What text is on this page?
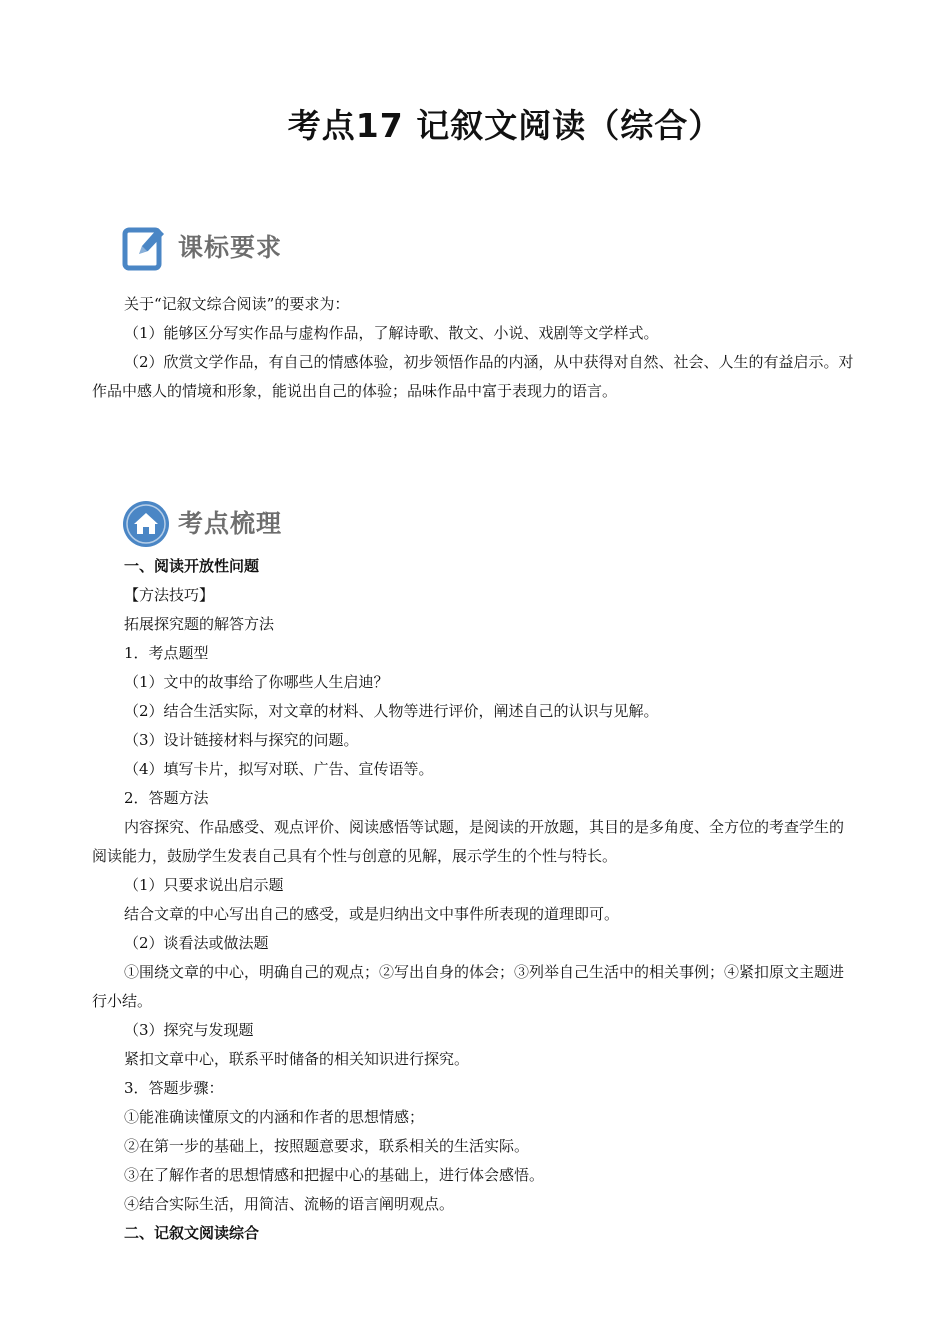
考点17 记叙文阅读（综合）
课标要求

关于“记叙文综合阅读”的要求为：

（1）能够区分写实作品与虚构作品，了解诗歌、散文、小说、戏剧等文学样式。

（2）欣赏文学作品，有自己的情感体验，初步领悟作品的内涵，从中获得对自然、社会、人生的有益启示。对作品中感人的情境和形象，能说出自己的体验；品味作品中富于表现力的语言。

考点梳理

一、阅读开放性问题

【方法技巧】

拓展探究题的解答方法

1．考点题型

（1）文中的故事给了你哪些人生启迪？

（2）结合生活实际，对文章的材料、人物等进行评价，阐述自己的认识与见解。

（3）设计链接材料与探究的问题。

（4）填写卡片，拟写对联、广告、宣传语等。

2．答题方法

内容探究、作品感受、观点评价、阅读感悟等试题，是阅读的开放题，其目的是多角度、全方位的考查学生的阅读能力，鼓励学生发表自己具有个性与创意的见解，展示学生的个性与特长。

（1）只要求说出启示题

结合文章的中心写出自己的感受，或是归纳出文中事件所表现的道理即可。

（2）谈看法或做法题

①围绕文章的中心，明确自己的观点；②写出自身的体会；③列举自己生活中的相关事例；④紧扣原文主题进行小结。

（3）探究与发现题

紧扣文章中心，联系平时储备的相关知识进行探究。

3．答题步骤：

①能准确读懂原文的内涵和作者的思想情感；

②在第一步的基础上，按照题意要求，联系相关的生活实际。

③在了解作者的思想情感和把握中心的基础上，进行体会感悟。

④结合实际生活，用简洁、流畅的语言阐明观点。

二、记叙文阅读综合
